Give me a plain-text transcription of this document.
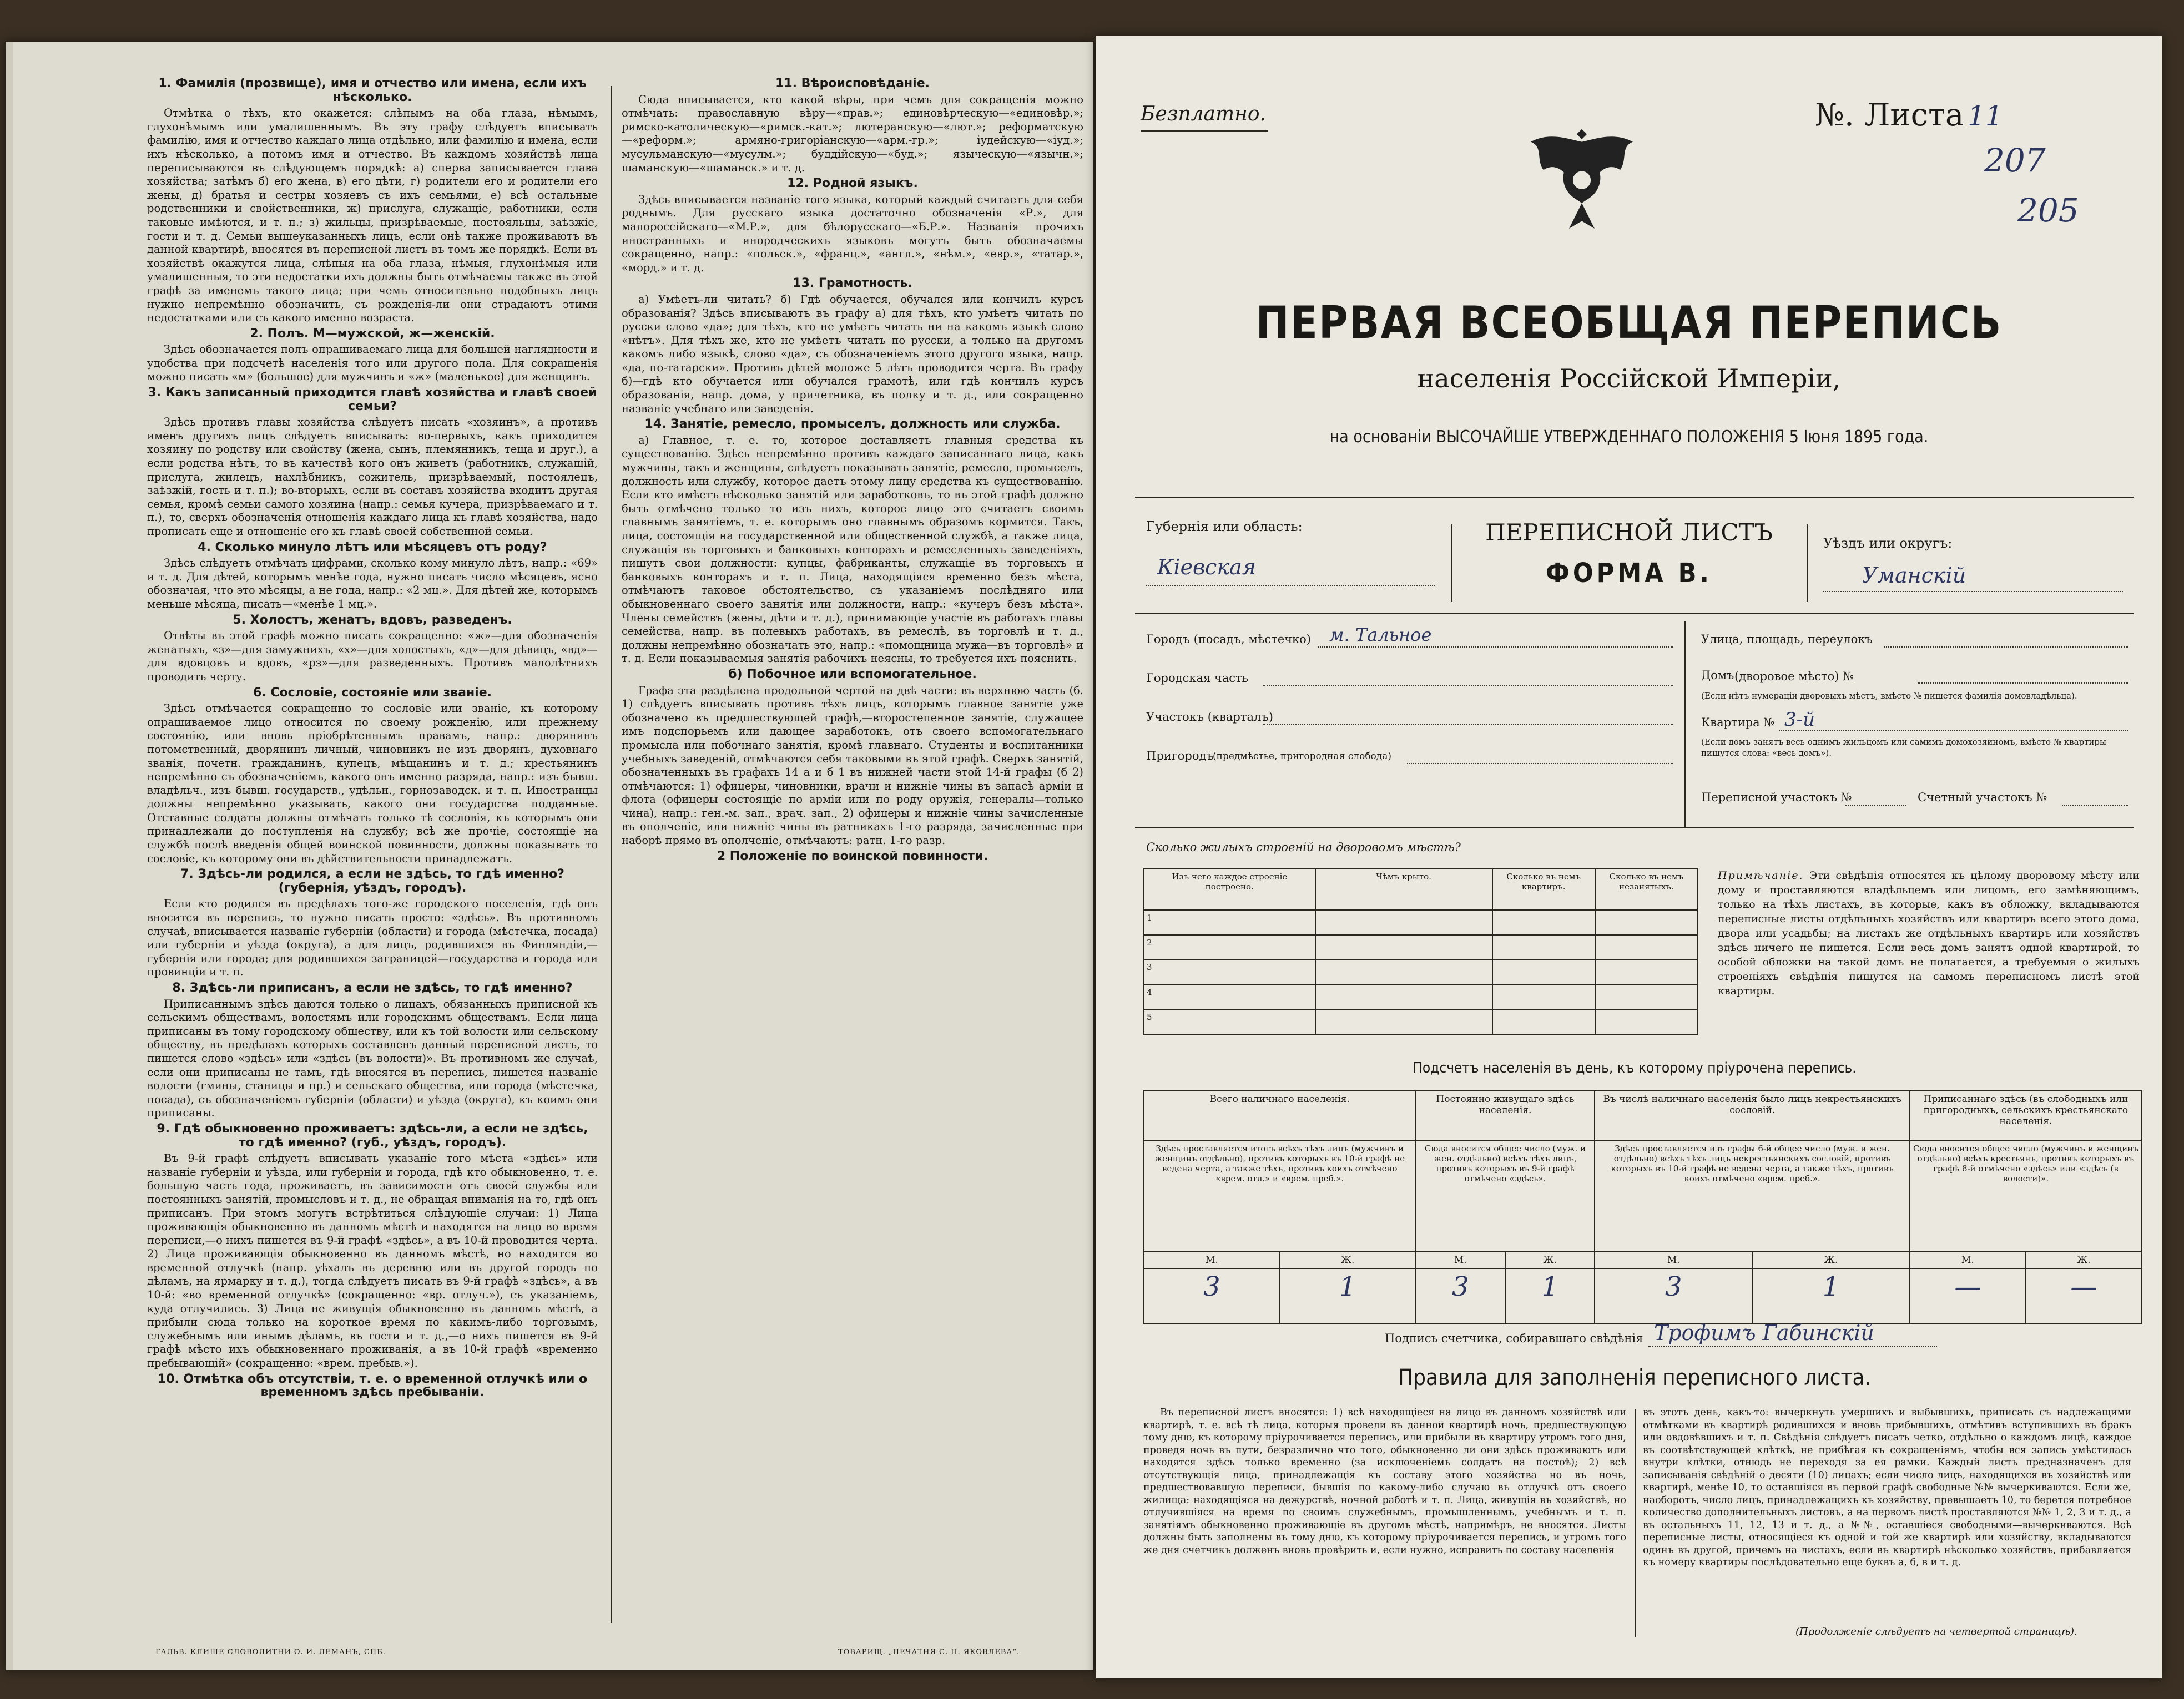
1. Фамилія (прозвище), имя и отчество или имена, если ихъ нѣсколько.

Отмѣтка о тѣхъ, кто окажется: слѣпымъ на оба глаза, нѣмымъ, глухонѣмымъ или умалишеннымъ. Въ эту графу слѣдуетъ вписывать фамилію, имя и отчество каждаго лица отдѣльно, или фамилію и имена, если ихъ нѣсколько, а потомъ имя и отчество. Въ каждомъ хозяйствѣ лица переписываются въ слѣдующемъ порядкѣ: а) сперва записывается глава хозяйства; затѣмъ б) его жена, в) его дѣти, г) родители его и родители его жены, д) братья и сестры хозяевъ съ ихъ семьями, е) всѣ остальные родственники и свойственники, ж) прислуга, служащіе, работники, если таковые имѣются, и т. п.; з) жильцы, призрѣваемые, постояльцы, заѣзжіе, гости и т. д. Семьи вышеуказанныхъ лицъ, если онѣ также проживаютъ въ данной квартирѣ, вносятся въ переписной листъ въ томъ же порядкѣ. Если въ хозяйствѣ окажутся лица, слѣпыя на оба глаза, нѣмыя, глухонѣмыя или умалишенныя, то эти недостатки ихъ должны быть отмѣчаемы также въ этой графѣ за именемъ такого лица; при чемъ относительно подобныхъ лицъ нужно непремѣнно обозначить, съ рожденія-ли они страдаютъ этими недостатками или съ какого именно возраста.

2. Полъ. М—мужской, ж—женскій.

Здѣсь обозначается полъ опрашиваемаго лица для большей наглядности и удобства при подсчетѣ населенія того или другого пола. Для сокращенія можно писать «м» (большое) для мужчинъ и «ж» (маленькое) для женщинъ.

3. Какъ записанный приходится главѣ хозяйства и главѣ своей семьи?

Здѣсь противъ главы хозяйства слѣдуетъ писать «хозяинъ», а противъ именъ другихъ лицъ слѣдуетъ вписывать: во-первыхъ, какъ приходится хозяину по родству или свойству (жена, сынъ, племянникъ, теща и друг.), а если родства нѣтъ, то въ качествѣ кого онъ живетъ (работникъ, служащій, прислуга, жилецъ, нахлѣбникъ, сожитель, призрѣваемый, постоялецъ, заѣзжій, гость и т. п.); во-вторыхъ, если въ составъ хозяйства входитъ другая семья, кромѣ семьи самого хозяина (напр.: семья кучера, призрѣваемаго и т. п.), то, сверхъ обозначенія отношенія каждаго лица къ главѣ хозяйства, надо прописать еще и отношеніе его къ главѣ своей собственной семьи.

4. Сколько минуло лѣтъ или мѣсяцевъ отъ роду?

Здѣсь слѣдуетъ отмѣчать цифрами, сколько кому минуло лѣтъ, напр.: «69» и т. д. Для дѣтей, которымъ менѣе года, нужно писать число мѣсяцевъ, ясно обозначая, что это мѣсяцы, а не года, напр.: «2 мц.». Для дѣтей же, которымъ меньше мѣсяца, писать—«менѣе 1 мц.».

5. Холостъ, женатъ, вдовъ, разведенъ.

Отвѣты въ этой графѣ можно писать сокращенно: «ж»—для обозначенія женатыхъ, «з»—для замужнихъ, «х»—для холостыхъ, «д»—для дѣвицъ, «вд»—для вдовцовъ и вдовъ, «рз»—для разведенныхъ. Противъ малолѣтнихъ проводить черту.

6. Сословіе, состояніе или званіе.

Здѣсь отмѣчается сокращенно то сословіе или званіе, къ которому опрашиваемое лицо относится по своему рожденію, или прежнему состоянію, или вновь пріобрѣтеннымъ правамъ, напр.: дворянинъ потомственный, дворянинъ личный, чиновникъ не изъ дворянъ, духовнаго званія, почетн. гражданинъ, купецъ, мѣщанинъ и т. д.; крестьянинъ непремѣнно съ обозначеніемъ, какого онъ именно разряда, напр.: изъ бывш. владѣльч., изъ бывш. государств., удѣльн., горнозаводск. и т. п. Иностранцы должны непремѣнно указывать, какого они государства подданные. Отставные солдаты должны отмѣчать только тѣ сословія, къ которымъ они принадлежали до поступленія на службу; всѣ же прочіе, состоящіе на службѣ послѣ введенія общей воинской повинности, должны показывать то сословіе, къ которому они въ дѣйствительности принадлежатъ.

7. Здѣсь-ли родился, а если не здѣсь, то гдѣ именно? (губернія, уѣздъ, городъ).

Если кто родился въ предѣлахъ того-же городского поселенія, гдѣ онъ вносится въ перепись, то нужно писать просто: «здѣсь». Въ противномъ случаѣ, вписывается названіе губерніи (области) и города (мѣстечка, посада) или губерніи и уѣзда (округа), а для лицъ, родившихся въ Финляндіи,—губернія или города; для родившихся заграницей—государства и города или провинціи и т. п.

8. Здѣсь-ли приписанъ, а если не здѣсь, то гдѣ именно?

Приписаннымъ здѣсь даются только о лицахъ, обязанныхъ приписной къ сельскимъ обществамъ, волостямъ или городскимъ обществамъ. Если лица приписаны въ тому городскому обществу, или къ той волости или сельскому обществу, въ предѣлахъ которыхъ составленъ данный переписной листъ, то пишется слово «здѣсь» или «здѣсь (въ волости)». Въ противномъ же случаѣ, если они приписаны не тамъ, гдѣ вносятся въ перепись, пишется названіе волости (гмины, станицы и пр.) и сельскаго общества, или города (мѣстечка, посада), съ обозначеніемъ губерніи (области) и уѣзда (округа), къ коимъ они приписаны.

9. Гдѣ обыкновенно проживаетъ: здѣсь-ли, а если не здѣсь, то гдѣ именно? (губ., уѣздъ, городъ).

Въ 9-й графѣ слѣдуетъ вписывать указаніе того мѣста «здѣсь» или названіе губерніи и уѣзда, или губерніи и города, гдѣ кто обыкновенно, т. е. большую часть года, проживаетъ, въ зависимости отъ своей службы или постоянныхъ занятій, промысловъ и т. д., не обращая вниманія на то, гдѣ онъ приписанъ. При этомъ могутъ встрѣтиться слѣдующіе случаи: 1) Лица проживающія обыкновенно въ данномъ мѣстѣ и находятся на лицо во время переписи,—о нихъ пишется въ 9-й графѣ «здѣсь», а въ 10-й проводится черта. 2) Лица проживающія обыкновенно въ данномъ мѣстѣ, но находятся во временной отлучкѣ (напр. уѣхалъ въ деревню или въ другой городъ по дѣламъ, на ярмарку и т. д.), тогда слѣдуетъ писать въ 9-й графѣ «здѣсь», а въ 10-й: «во временной отлучкѣ» (сокращенно: «вр. отлуч.»), съ указаніемъ, куда отлучились. 3) Лица не живущія обыкновенно въ данномъ мѣстѣ, а прибыли сюда только на короткое время по какимъ-либо торговымъ, служебнымъ или инымъ дѣламъ, въ гости и т. д.,—о нихъ пишется въ 9-й графѣ мѣсто ихъ обыкновеннаго проживанія, а въ 10-й графѣ «временно пребывающій» (сокращенно: «врем. пребыв.»).

10. Отмѣтка объ отсутствіи, т. е. о временной отлучкѣ или о временномъ здѣсь пребываніи.
11. Вѣроисповѣданіе.

Сюда вписывается, кто какой вѣры, при чемъ для сокращенія можно отмѣчать: православную вѣру—«прав.»; единовѣрческую—«единовѣр.»; римско-католическую—«римск.-кат.»; лютеранскую—«лют.»; реформатскую—«реформ.»; армяно-григоріанскую—«арм.-гр.»; іудейскую—«іуд.»; мусульманскую—«мусулм.»; буддійскую—«буд.»; языческую—«язычн.»; шаманскую—«шаманск.» и т. д.

12. Родной языкъ.

Здѣсь вписывается названіе того языка, который каждый считаетъ для себя роднымъ. Для русскаго языка достаточно обозначенія «Р.», для малороссійскаго—«М.Р.», для бѣлорусскаго—«Б.Р.». Названія прочихъ иностранныхъ и инородческихъ языковъ могутъ быть обозначаемы сокращенно, напр.: «польск.», «франц.», «англ.», «нѣм.», «евр.», «татар.», «морд.» и т. д.

13. Грамотность.

а) Умѣетъ-ли читать? б) Гдѣ обучается, обучался или кончилъ курсъ образованія? Здѣсь вписываютъ въ графу а) для тѣхъ, кто умѣетъ читать по русски слово «да»; для тѣхъ, кто не умѣетъ читать ни на какомъ языкѣ слово «нѣтъ». Для тѣхъ же, кто не умѣетъ читать по русски, а только на другомъ какомъ либо языкѣ, слово «да», съ обозначеніемъ этого другого языка, напр. «да, по-татарски». Противъ дѣтей моложе 5 лѣтъ проводится черта. Въ графу б)—гдѣ кто обучается или обучался грамотѣ, или гдѣ кончилъ курсъ образованія, напр. дома, у причетника, въ полку и т. д., или сокращенно названіе учебнаго или заведенія.

14. Занятіе, ремесло, промыселъ, должность или служба.

а) Главное, т. е. то, которое доставляетъ главныя средства къ существованію. Здѣсь непремѣнно противъ каждаго записаннаго лица, какъ мужчины, такъ и женщины, слѣдуетъ показывать занятіе, ремесло, промыселъ, должность или службу, которое даетъ этому лицу средства къ существованію. Если кто имѣетъ нѣсколько занятій или заработковъ, то въ этой графѣ должно быть отмѣчено только то изъ нихъ, которое лицо это считаетъ своимъ главнымъ занятіемъ, т. е. которымъ оно главнымъ образомъ кормится. Такъ, лица, состоящія на государственной или общественной службѣ, а также лица, служащія въ торговыхъ и банковыхъ конторахъ и ремесленныхъ заведеніяхъ, пишутъ свои должности: купцы, фабриканты, служащіе въ торговыхъ и банковыхъ конторахъ и т. п. Лица, находящіяся временно безъ мѣста, отмѣчаютъ таковое обстоятельство, съ указаніемъ послѣдняго или обыкновеннаго своего занятія или должности, напр.: «кучеръ безъ мѣста». Члены семействъ (жены, дѣти и т. д.), принимающіе участіе въ работахъ главы семейства, напр. въ полевыхъ работахъ, въ ремеслѣ, въ торговлѣ и т. д., должны непремѣнно обозначать это, напр.: «помощница мужа—въ торговлѣ» и т. д. Если показываемыя занятія рабочихъ неясны, то требуется ихъ пояснить.

б) Побочное или вспомогательное.

Графа эта раздѣлена продольной чертой на двѣ части: въ верхнюю часть (б. 1) слѣдуетъ вписывать противъ тѣхъ лицъ, которымъ главное занятіе уже обозначено въ предшествующей графѣ,—второстепенное занятіе, служащее имъ подспорьемъ или дающее заработокъ, отъ своего вспомогательнаго промысла или побочнаго занятія, кромѣ главнаго. Студенты и воспитанники учебныхъ заведеній, отмѣчаются себя таковыми въ этой графѣ. Сверхъ занятій, обозначенныхъ въ графахъ 14 а и б 1 въ нижней части этой 14-й графы (б 2) отмѣчаются: 1) офицеры, чиновники, врачи и нижніе чины въ запасѣ арміи и флота (офицеры состоящіе по арміи или по роду оружія, генералы—только чина), напр.: ген.-м. зап., врач. зап., 2) офицеры и нижніе чины зачисленные въ ополченіе, или нижніе чины въ ратникахъ 1-го разряда, зачисленные при наборѣ прямо въ ополченіе, отмѣчаютъ: ратн. 1-го разр.

2 Положеніе по воинской повинности.
ГАЛЬВ. КЛИШЕ СЛОВОЛИТНИ О. И. ЛЕМАНЪ, СПБ.	ТОВАРИЩ. „ПЕЧАТНЯ С. П. ЯКОВЛЕВА“.
Безплатно.	№. Листа 11
207
205
ПЕРВАЯ ВСЕОБЩАЯ ПЕРЕПИСЬ
населенія Россійской Имперіи,
на основаніи ВЫСОЧАЙШЕ УТВЕРЖДЕННАГО ПОЛОЖЕНІЯ 5 Іюня 1895 года.
Губернія или область:
Кіевская
ПЕРЕПИСНОЙ ЛИСТЪ
ФОРМА В.
Уѣздъ или округъ:
Уманскій
Городъ (посадъ, мѣстечко) м. Тальное
Городская часть
Участокъ (кварталъ)
Пригородъ
(предмѣстье, пригородная слобода)
Улица, площадь, переулокъ
Домъ (дворовое мѣсто) №
(Если нѣтъ нумераціи дворовыхъ мѣстъ, вмѣсто № пишется фамилія домовладѣльца).
Квартира № 3-й
(Если домъ занятъ весь однимъ жильцомъ или самимъ домохозяиномъ, вмѣсто № квартиры пишутся слова: «весь домъ»).
Переписной участокъ №	Счетный участокъ №
Сколько жилыхъ строеній на дворовомъ мѣстѣ?
Изъ чего каждое строеніе построено.	Чѣмъ крыто.	Сколько въ немъ квартиръ.	Сколько въ немъ незанятыхъ.
1			
2			
3			
4			
5			
Примѣчаніе. Эти свѣдѣнія относятся къ цѣлому дворовому мѣсту или дому и проставляются владѣльцемъ или лицомъ, его замѣняющимъ, только на тѣхъ листахъ, въ которые, какъ въ обложку, вкладываются переписные листы отдѣльныхъ хозяйствъ или квартиръ всего этого дома, двора или усадьбы; на листахъ же отдѣльныхъ квартиръ или хозяйствъ здѣсь ничего не пишется. Если весь домъ занятъ одной квартирой, то особой обложки на такой домъ не полагается, а требуемыя о жилыхъ строеніяхъ свѣдѣнія пишутся на самомъ переписномъ листѣ этой квартиры.
Подсчетъ населенія въ день, къ которому пріурочена перепись.
Всего наличнаго населенія.		Постоянно живущаго здѣсь населенія.		Въ числѣ наличнаго населенія было лицъ некрестьянскихъ сословій.		Приписаннаго здѣсь (въ слободныхъ или пригородныхъ, сельскихъ крестьянскаго населенія.	
Здѣсь проставляется итогъ всѣхъ тѣхъ лицъ (мужчинъ и женщинъ отдѣльно), противъ которыхъ въ 10-й графѣ не ведена черта, а также тѣхъ, противъ коихъ отмѣчено «врем. отл.» и «врем. преб.».		Сюда вносится общее число (муж. и жен. отдѣльно) всѣхъ тѣхъ лицъ, противъ которыхъ въ 9-й графѣ отмѣчено «здѣсь».		Здѣсь проставляется изъ графы 6-й общее число (муж. и жен. отдѣльно) всѣхъ тѣхъ лицъ некрестьянскихъ сословій, противъ которыхъ въ 10-й графѣ не ведена черта, а также тѣхъ, противъ коихъ отмѣчено «врем. преб.».		Сюда вносится общее число (мужчинъ и женщинъ отдѣльно) всѣхъ крестьянъ, противъ которыхъ въ графѣ 8-й отмѣчено «здѣсь» или «здѣсь (в волости)».	
М.	Ж.	М.	Ж.	М.	Ж.	М.	Ж.
3	1	3	1	3	1	—	—
Подпись счетчика, собиравшаго свѣдѣнія Трофимъ Габинскій
Правила для заполненія переписного листа.
Въ переписной листъ вносятся: 1) всѣ находящіеся на лицо въ данномъ хозяйствѣ или квартирѣ, т. е. всѣ тѣ лица, которыя провели въ данной квартирѣ ночь, предшествующую тому дню, къ которому пріурочивается перепись, или прибыли въ квартиру утромъ того дня, проведя ночь въ пути, безразлично что того, обыкновенно ли они здѣсь проживаютъ или находятся здѣсь только временно (за исключеніемъ солдатъ на постоѣ); 2) всѣ отсутствующія лица, принадлежащія къ составу этого хозяйства но въ ночь, предшествовавшую переписи, бывшія по какому-либо случаю въ отлучкѣ отъ своего жилища: находящіяся на дежурствѣ, ночной работѣ и т. п. Лица, живущія въ хозяйствѣ, но отлучившіяся на время по своимъ служебнымъ, промышленнымъ, учебнымъ и т. п. занятіямъ обыкновенно проживающіе въ другомъ мѣстѣ, напримѣръ, не вносятся. Листы должны быть заполнены въ тому дню, къ которому пріурочивается перепись, и утромъ того же дня счетчикъ долженъ вновь провѣрить и, если нужно, исправить по составу населенія
въ этотъ день, какъ-то: вычеркнуть умершихъ и выбывшихъ, приписать съ надлежащими отмѣтками въ квартирѣ родившихся и вновь прибывшихъ, отмѣтивъ вступившихъ въ бракъ или овдовѣвшихъ и т. п. Свѣдѣнія слѣдуетъ писать четко, отдѣльно о каждомъ лицѣ, каждое въ соотвѣтствующей клѣткѣ, не прибѣгая къ сокращеніямъ, чтобы вся запись умѣстилась внутри клѣтки, отнюдь не переходя за ея рамки. Каждый листъ предназначенъ для записыванія свѣдѣній о десяти (10) лицахъ; если число лицъ, находящихся въ хозяйствѣ или квартирѣ, менѣе 10, то оставшіяся въ первой графѣ свободные №№ вычеркиваются. Если же, наоборотъ, число лицъ, принадлежащихъ къ хозяйству, превышаетъ 10, то берется потребное количество дополнительныхъ листовъ, а на первомъ листѣ проставляются №№ 1, 2, 3 и т. д., а въ остальныхъ 11, 12, 13 и т. д., а №№, оставшіеся свободными—вычеркиваются. Всѣ переписные листы, относящіеся къ одной и той же квартирѣ или хозяйству, вкладываются одинъ въ другой, причемъ на листахъ, если въ квартирѣ нѣсколько хозяйствъ, прибавляется къ номеру квартиры послѣдовательно еще буквъ а, б, в и т. д.
(Продолженіе слѣдуетъ на четвертой страницѣ).
